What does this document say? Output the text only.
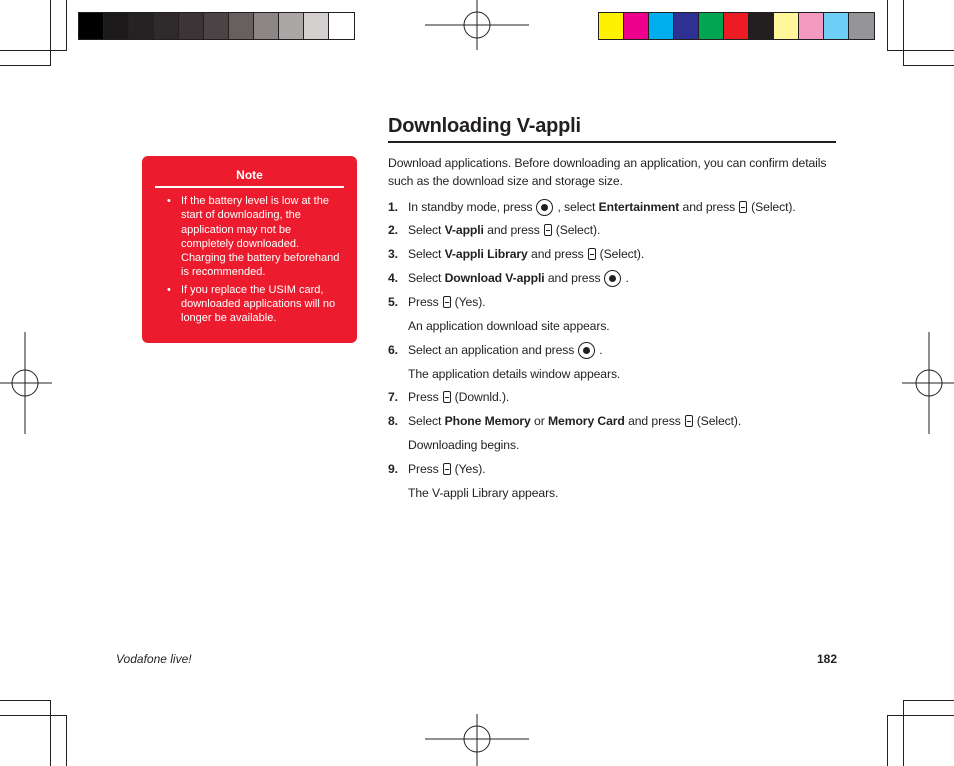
Downloading V-appli
Download applications. Before downloading an application, you can confirm details such as the download size and storage size.
Note
• If the battery level is low at the start of downloading, the application may not be completely downloaded. Charging the battery beforehand is recommended.
• If you replace the USIM card, downloaded applications will no longer be available.
1. In standby mode, press , select
Entertainment
and press (Select).
2. Select
V-appli
and press (Select).
3. Select
V-appli Library
and press (Select).
4. Select
Download V-appli
and press .
5. Press (Yes).
An application download site appears.
6. Select an application and press .
The application details window appears.
7. Press (Downld.).
8. Select
Phone Memory
or
Memory Card
and press (Select).
Downloading begins.
9. Press (Yes).
The V-appli Library appears.
Vodafone live!	182
